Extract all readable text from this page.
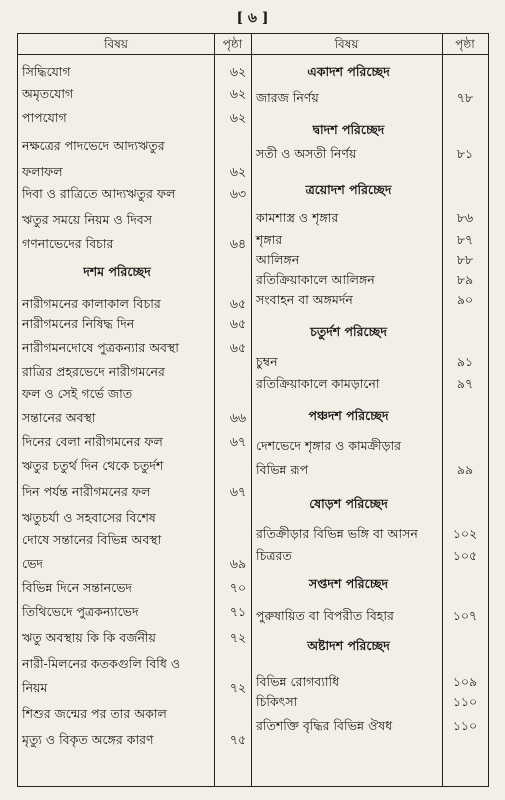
[ ৬ ]
বিষয়	পৃষ্ঠা	বিষয়	পৃষ্ঠা
সিদ্ধিযোগ	৬২
অমৃতযোগ	৬২
পাপযোগ	৬২
নক্ষত্রের পাদভেদে আদ্যঋতুর
ফলাফল	৬২
দিবা ও রাত্রিতে আদ্যঋতুর ফল	৬৩
ঋতুর সময়ে নিয়ম ও দিবস
গণনাভেদের বিচার	৬৪
দশম পরিচ্ছেদ
নারীগমনের কালাকাল বিচার	৬৫
নারীগমনের নিষিদ্ধ দিন	৬৫
নারীগমনদোষে পুত্রকন্যার অবস্থা	৬৫
রাত্রির প্রহরভেদে নারীগমনের
ফল ও সেই গর্ভে জাত
সন্তানের অবস্থা	৬৬
দিনের বেলা নারীগমনের ফল	৬৭
ঋতুর চতুর্থ দিন থেকে চতুর্দশ
দিন পর্যন্ত নারীগমনের ফল	৬৭
ঋতুচর্যা ও সহবাসের বিশেষ
দোষে সন্তানের বিভিন্ন অবস্থা
ভেদ	৬৯
বিভিন্ন দিনে সন্তানভেদ	৭০
তিথিভেদে পুত্রকন্যাভেদ	৭১
ঋতু অবস্থায় কি কি বর্জনীয়	৭২
নারী-মিলনের কতকগুলি বিধি ও
নিয়ম	৭২
শিশুর জন্মের পর তার অকাল
মৃত্যু ও বিকৃত অঙ্গের কারণ	৭৫
একাদশ পরিচ্ছেদ
জারজ নির্ণয়	৭৮
দ্বাদশ পরিচ্ছেদ
সতী ও অসতী নির্ণয়	৮১
ত্রয়োদশ পরিচ্ছেদ
কামশাস্ত্র ও শৃঙ্গার	৮৬
শৃঙ্গার	৮৭
আলিঙ্গন	৮৮
রতিক্রিয়াকালে আলিঙ্গন	৮৯
সংবাহন বা অঙ্গমর্দন	৯০
চতুর্দশ পরিচ্ছেদ
চুম্বন	৯১
রতিক্রিয়াকালে কামড়ানো	৯৭
পঞ্চদশ পরিচ্ছেদ
দেশভেদে শৃঙ্গার ও কামক্রীড়ার
বিভিন্ন রূপ	৯৯
ষোড়শ পরিচ্ছেদ
রতিক্রীড়ার বিভিন্ন ভঙ্গি বা আসন	১০২
চিত্ররত	১০৫
সপ্তদশ পরিচ্ছেদ
পুরুষায়িত বা বিপরীত বিহার	১০৭
অষ্টাদশ পরিচ্ছেদ
বিভিন্ন রোগব্যাধি	১০৯
চিকিৎসা	১১০
রতিশক্তি বৃদ্ধির বিভিন্ন ঔষধ	১১০
